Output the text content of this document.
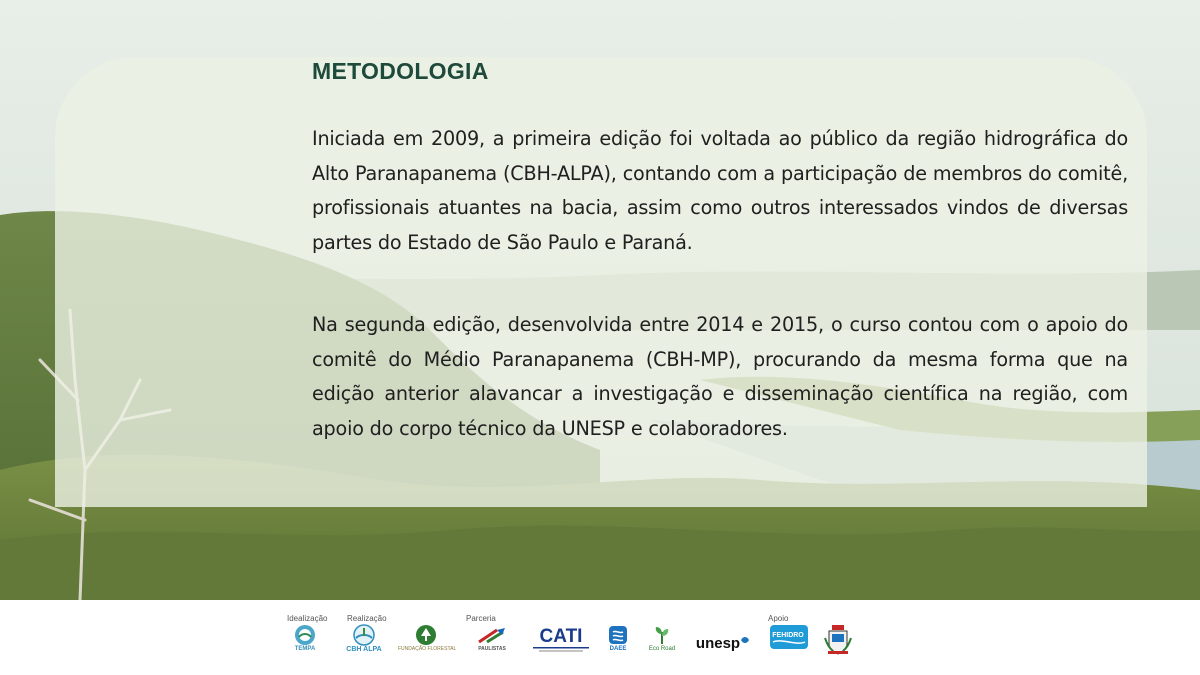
METODOLOGIA

Iniciada em 2009, a primeira edição foi voltada ao público da região hidrográfica do Alto Paranapanema (CBH-ALPA), contando com a participação de membros do comitê, profissionais atuantes na bacia, assim como outros interessados vindos de diversas partes do Estado de São Paulo e Paraná.

Na segunda edição, desenvolvida entre 2014 e 2015, o curso contou com o apoio do comitê do Médio Paranapanema (CBH-MP), procurando da mesma forma que na edição anterior alavancar a investigação e disseminação científica na região, com apoio do corpo técnico da UNESP e colaboradores.

Idealização Realização	Parceria	Apoio
TEMPA	CBH ALPA	FUNDAÇÃO FLORESTAL	PAULISTAS
CATI
DAEE	Eco Road	unesp	FEHIDRO
